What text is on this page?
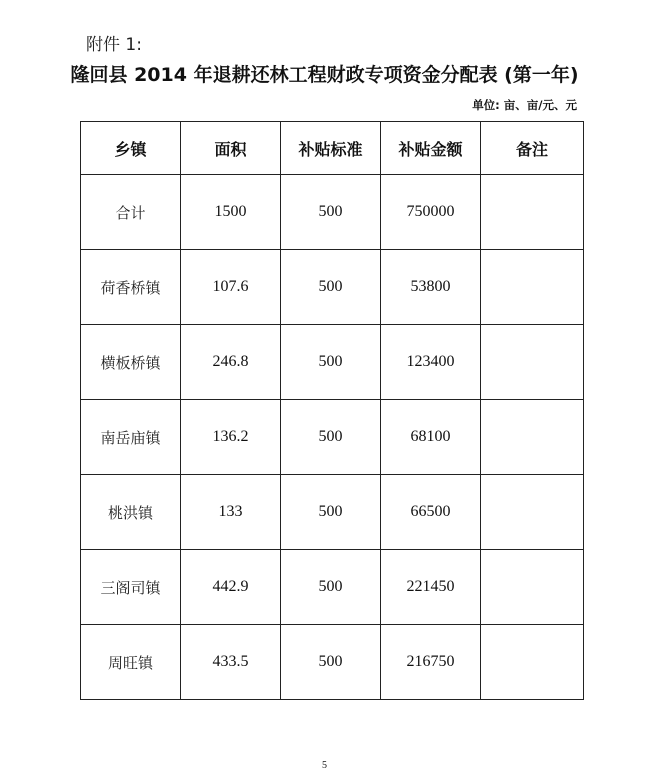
附件 1:
隆回县 2014 年退耕还林工程财政专项资金分配表 (第一年)
单位: 亩、亩/元、元
乡镇	面积	补贴标准	补贴金额	备注
合计	1500	500	750000	
荷香桥镇	107.6	500	53800	
横板桥镇	246.8	500	123400	
南岳庙镇	136.2	500	68100	
桃洪镇	133	500	66500	
三阁司镇	442.9	500	221450	
周旺镇	433.5	500	216750	
5
